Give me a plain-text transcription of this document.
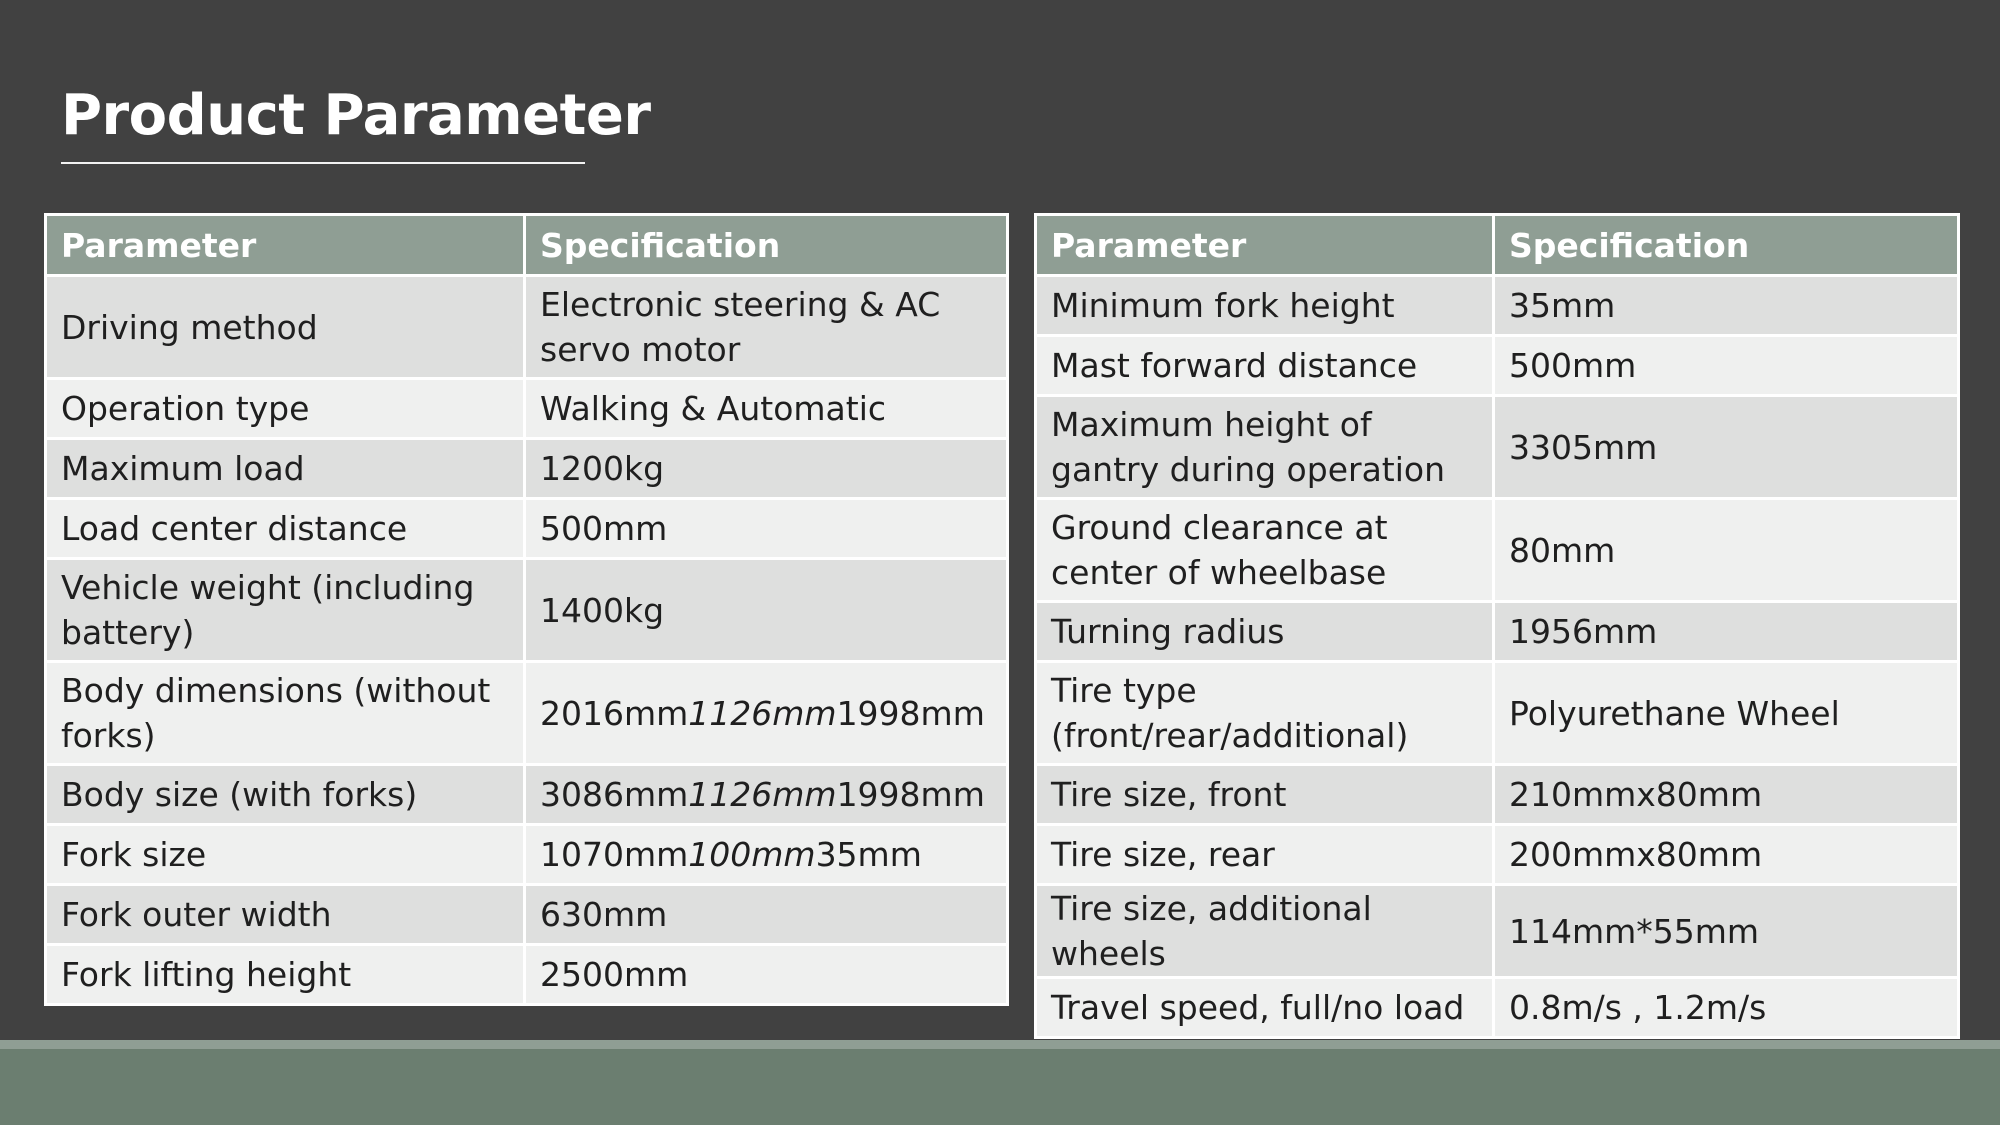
Product Parameter
Parameter	Specification
Driving method	Electronic steering & AC servo motor
Operation type	Walking & Automatic
Maximum load	1200kg
Load center distance	500mm
Vehicle weight (including battery)	1400kg
Body dimensions (without forks)	2016mm1126mm1998mm
Body size (with forks)	3086mm1126mm1998mm
Fork size	1070mm100mm35mm
Fork outer width	630mm
Fork lifting height	2500mm
Parameter	Specification
Minimum fork height	35mm
Mast forward distance	500mm
Maximum height of gantry during operation	3305mm
Ground clearance at center of wheelbase	80mm
Turning radius	1956mm
Tire type (front/rear/additional)	Polyurethane Wheel
Tire size, front	210mmx80mm
Tire size, rear	200mmx80mm
Tire size, additional wheels	114mm*55mm
Travel speed, full/no load	0.8m/s , 1.2m/s
